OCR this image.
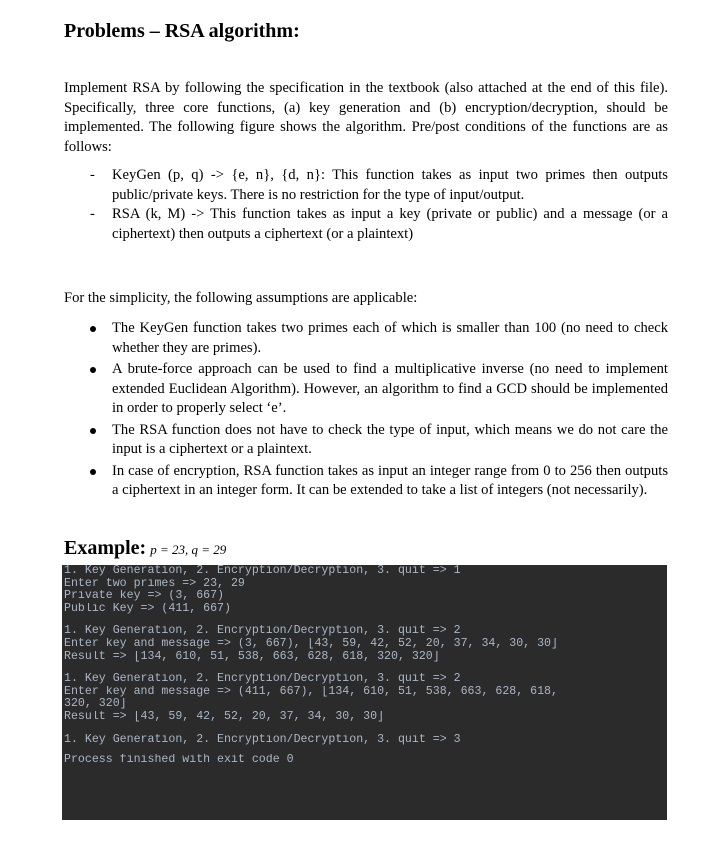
Problems – RSA algorithm:
Implement RSA by following the specification in the textbook (also attached at the end of this file). Specifically, three core functions, (a) key generation and (b) encryption/decryption, should be implemented. The following figure shows the algorithm. Pre/post conditions of the functions are as follows:
- KeyGen (p, q) -> {e, n}, {d, n}: This function takes as input two primes then outputs public/private keys. There is no restriction for the type of input/output.
- RSA (k, M) -> This function takes as input a key (private or public) and a message (or a ciphertext) then outputs a ciphertext (or a plaintext)
For the simplicity, the following assumptions are applicable:
The KeyGen function takes two primes each of which is smaller than 100 (no need to check whether they are primes).
A brute-force approach can be used to find a multiplicative inverse (no need to implement extended Euclidean Algorithm). However, an algorithm to find a GCD should be implemented in order to properly select ‘e’.
The RSA function does not have to check the type of input, which means we do not care the input is a ciphertext or a plaintext.
In case of encryption, RSA function takes as input an integer range from 0 to 256 then outputs a ciphertext in an integer form. It can be extended to take a list of integers (not necessarily).
Example: p = 23, q = 29
1. Key Generation, 2. Encryption/Decryption, 3. quit => 1
Enter two primes => 23, 29
Private key => (3, 667)
Public Key => (411, 667)
1. Key Generation, 2. Encryption/Decryption, 3. quit => 2
Enter key and message => (3, 667), [43, 59, 42, 52, 20, 37, 34, 30, 30]
Result => [134, 610, 51, 538, 663, 628, 618, 320, 320]
1. Key Generation, 2. Encryption/Decryption, 3. quit => 2
Enter key and message => (411, 667), [134, 610, 51, 538, 663, 628, 618,
320, 320]
Result => [43, 59, 42, 52, 20, 37, 34, 30, 30]
1. Key Generation, 2. Encryption/Decryption, 3. quit => 3
Process finished with exit code 0
